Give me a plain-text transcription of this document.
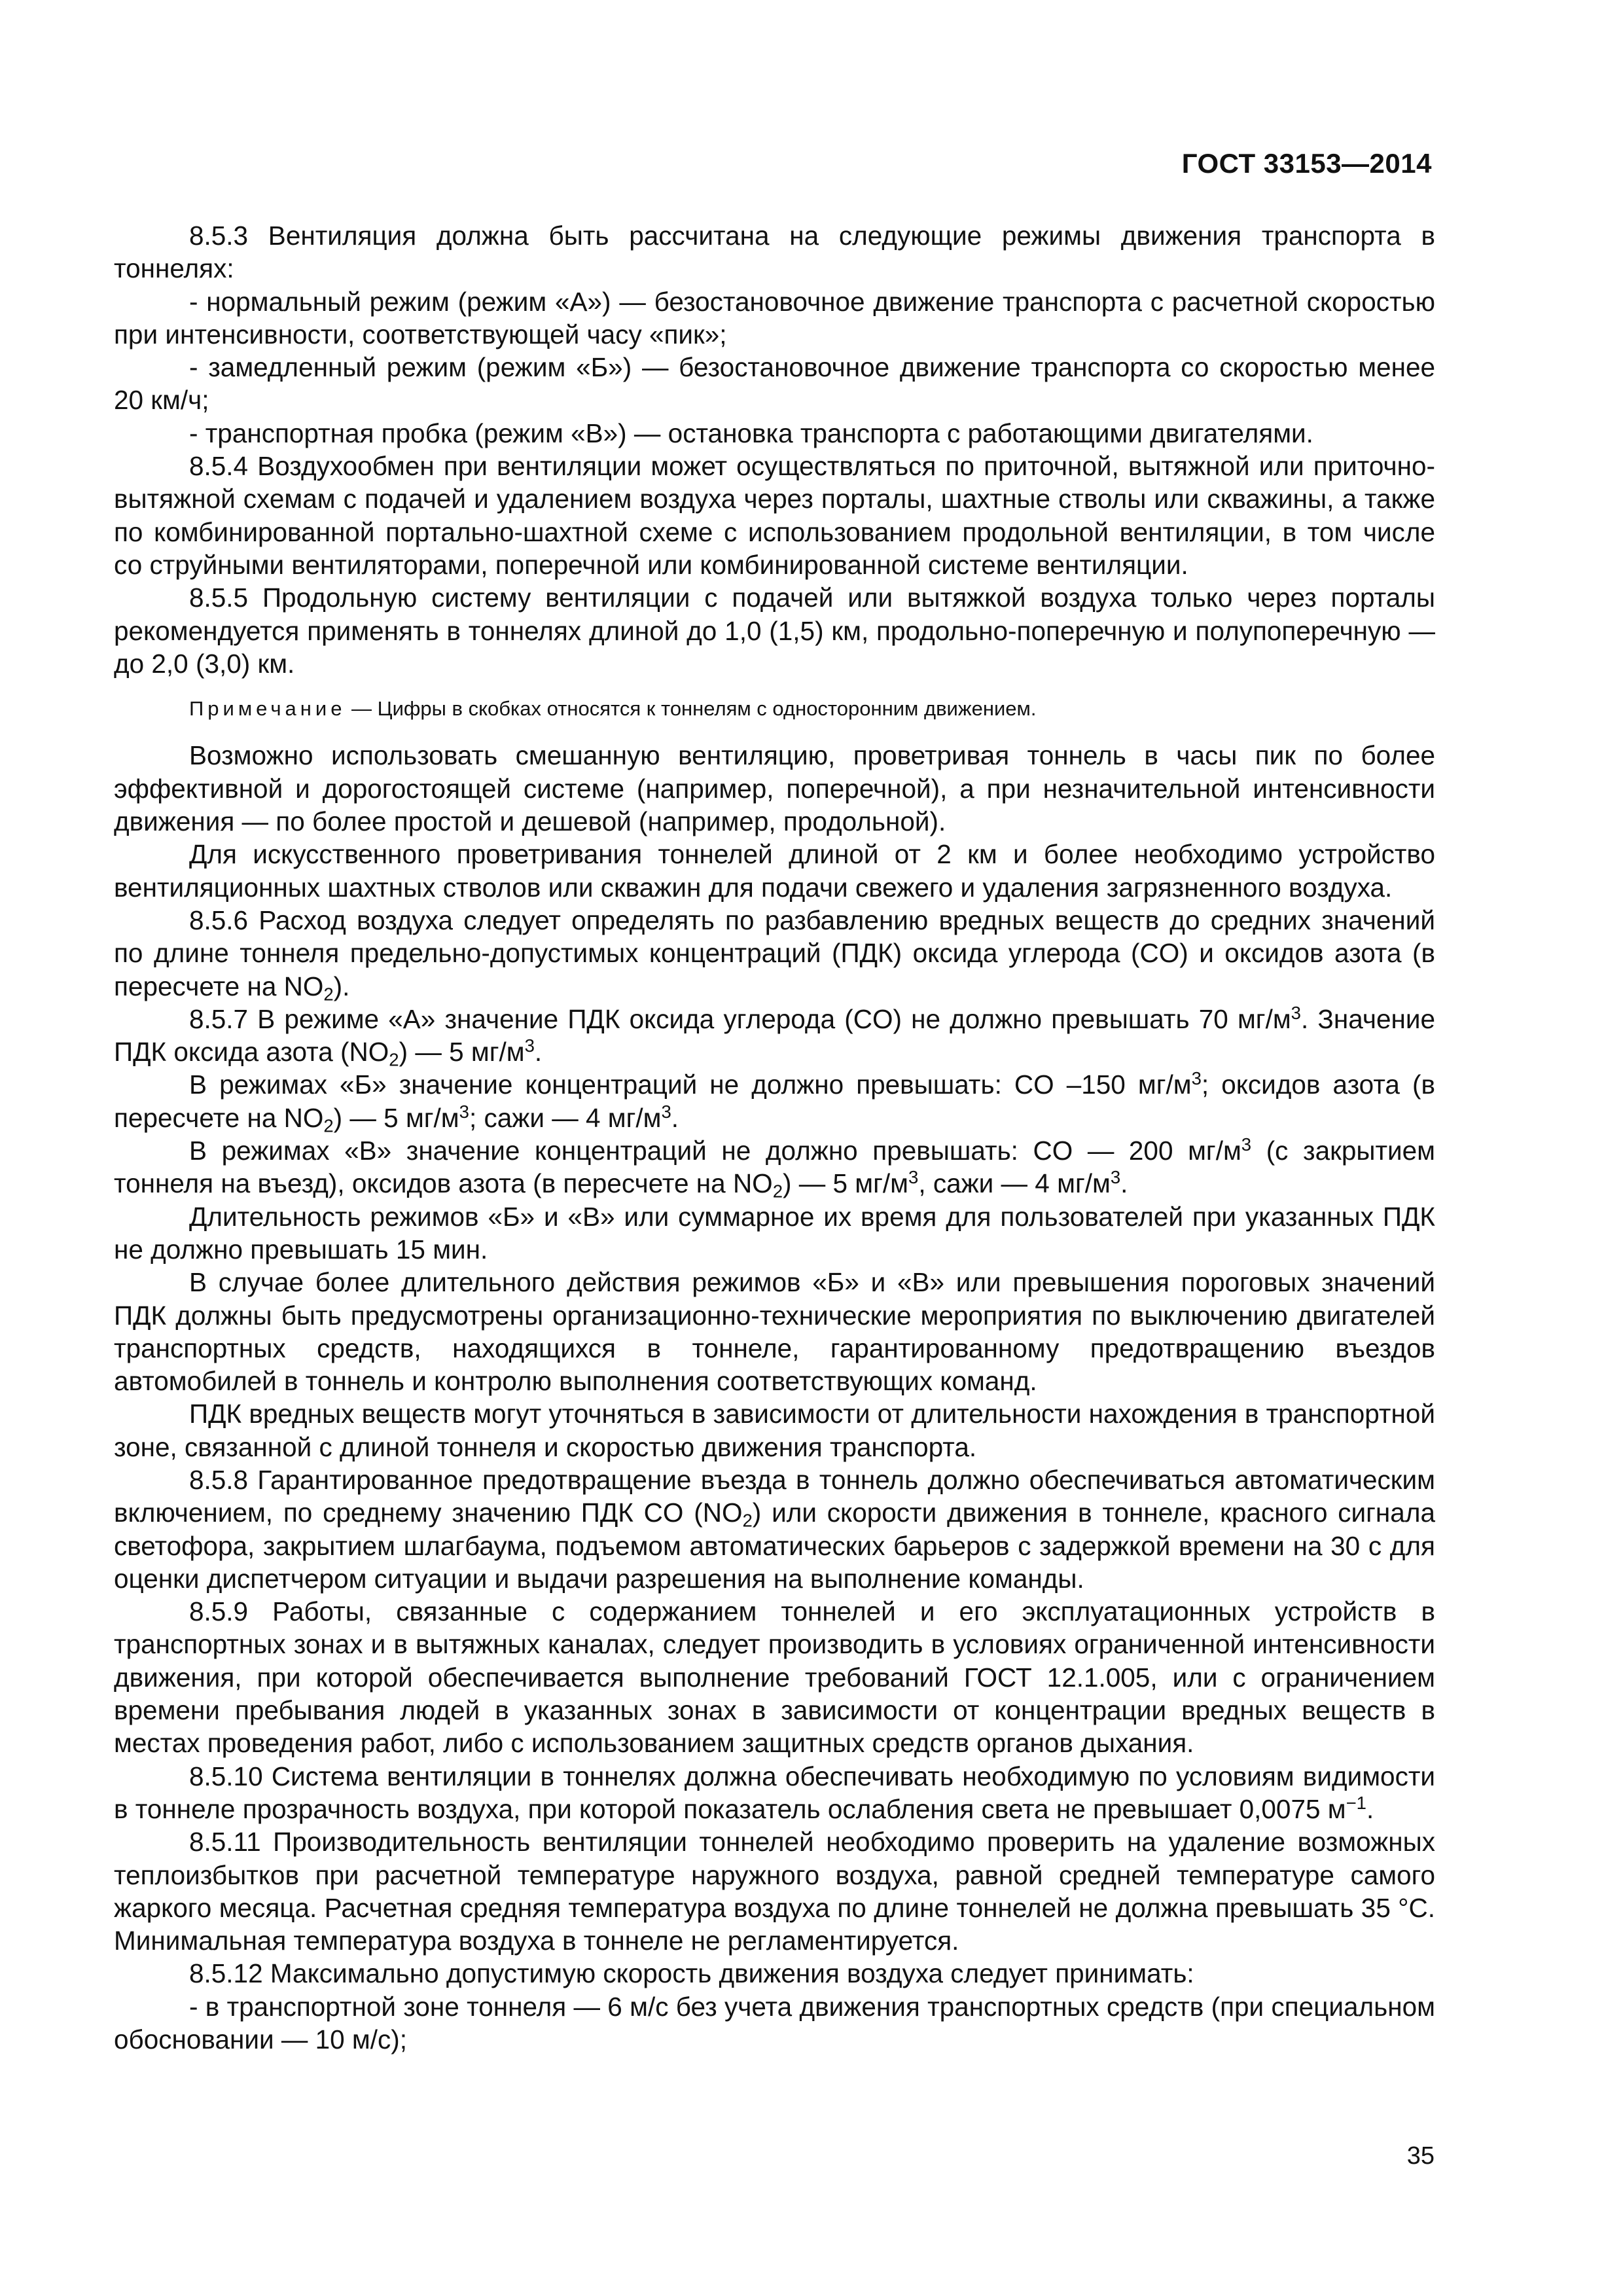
ГОСТ 33153—2014

8.5.3 Вентиляция должна быть рассчитана на следующие режимы движения транспорта в тоннелях:

- нормальный режим (режим «А») — безостановочное движение транспорта с расчетной скоростью при интенсивности, соответствующей часу «пик»;

- замедленный режим (режим «Б») — безостановочное движение транспорта со скоростью менее 20 км/ч;

- транспортная пробка (режим «В») — остановка транспорта с работающими двигателями.

8.5.4 Воздухообмен при вентиляции может осуществляться по приточной, вытяжной или приточно-вытяжной схемам с подачей и удалением воздуха через порталы, шахтные стволы или скважины, а также по комбинированной портально-шахтной схеме с использованием продольной вентиляции, в том числе со струйными вентиляторами, поперечной или комбинированной системе вентиляции.

8.5.5 Продольную систему вентиляции с подачей или вытяжкой воздуха только через порталы рекомендуется применять в тоннелях длиной до 1,0 (1,5) км, продольно-поперечную и полупоперечную — до 2,0 (3,0) км.

Примечание — Цифры в скобках относятся к тоннелям с односторонним движением.

Возможно использовать смешанную вентиляцию, проветривая тоннель в часы пик по более эффективной и дорогостоящей системе (например, поперечной), а при незначительной интенсивности движения — по более простой и дешевой (например, продольной).

Для искусственного проветривания тоннелей длиной от 2 км и более необходимо устройство вентиляционных шахтных стволов или скважин для подачи свежего и удаления загрязненного воздуха.

8.5.6 Расход воздуха следует определять по разбавлению вредных веществ до средних значений по длине тоннеля предельно-допустимых концентраций (ПДК) оксида углерода (CO) и оксидов азота (в пересчете на $NO_2$).

8.5.7 В режиме «А» значение ПДК оксида углерода (CO) не должно превышать 70 $мг/м^3$. Значение ПДК оксида азота $(NO_2)$ — 5 $мг/м^3$.

В режимах «Б» значение концентраций не должно превышать: CO –150 $мг/м^3$; оксидов азота (в пересчете на $NO_2$) — 5 $мг/м^3$; сажи — 4 $мг/м^3$.

В режимах «В» значение концентраций не должно превышать: CO — 200 $мг/м^3$ (с закрытием тоннеля на въезд), оксидов азота (в пересчете на $NO_2$) — 5 $мг/м^3$, сажи — 4 $мг/м^3$.

Длительность режимов «Б» и «В» или суммарное их время для пользователей при указанных ПДК не должно превышать 15 мин.

В случае более длительного действия режимов «Б» и «В» или превышения пороговых значений ПДК должны быть предусмотрены организационно-технические мероприятия по выключению двигателей транспортных средств, находящихся в тоннеле, гарантированному предотвращению въездов автомобилей в тоннель и контролю выполнения соответствующих команд.

ПДК вредных веществ могут уточняться в зависимости от длительности нахождения в транспортной зоне, связанной с длиной тоннеля и скоростью движения транспорта.

8.5.8 Гарантированное предотвращение въезда в тоннель должно обеспечиваться автоматическим включением, по среднему значению ПДК CO $(NO_2)$ или скорости движения в тоннеле, красного сигнала светофора, закрытием шлагбаума, подъемом автоматических барьеров с задержкой времени на 30 с для оценки диспетчером ситуации и выдачи разрешения на выполнение команды.

8.5.9 Работы, связанные с содержанием тоннелей и его эксплуатационных устройств в транспортных зонах и в вытяжных каналах, следует производить в условиях ограниченной интенсивности движения, при которой обеспечивается выполнение требований ГОСТ 12.1.005, или с ограничением времени пребывания людей в указанных зонах в зависимости от концентрации вредных веществ в местах проведения работ, либо с использованием защитных средств органов дыхания.

8.5.10 Система вентиляции в тоннелях должна обеспечивать необходимую по условиям видимости в тоннеле прозрачность воздуха, при которой показатель ослабления света не превышает 0,0075 $м^{-1}$.

8.5.11 Производительность вентиляции тоннелей необходимо проверить на удаление возможных теплоизбытков при расчетной температуре наружного воздуха, равной средней температуре самого жаркого месяца. Расчетная средняя температура воздуха по длине тоннелей не должна превышать 35 °C. Минимальная температура воздуха в тоннеле не регламентируется.

8.5.12 Максимально допустимую скорость движения воздуха следует принимать:

- в транспортной зоне тоннеля — 6 м/с без учета движения транспортных средств (при специальном обосновании — 10 м/с);

35
